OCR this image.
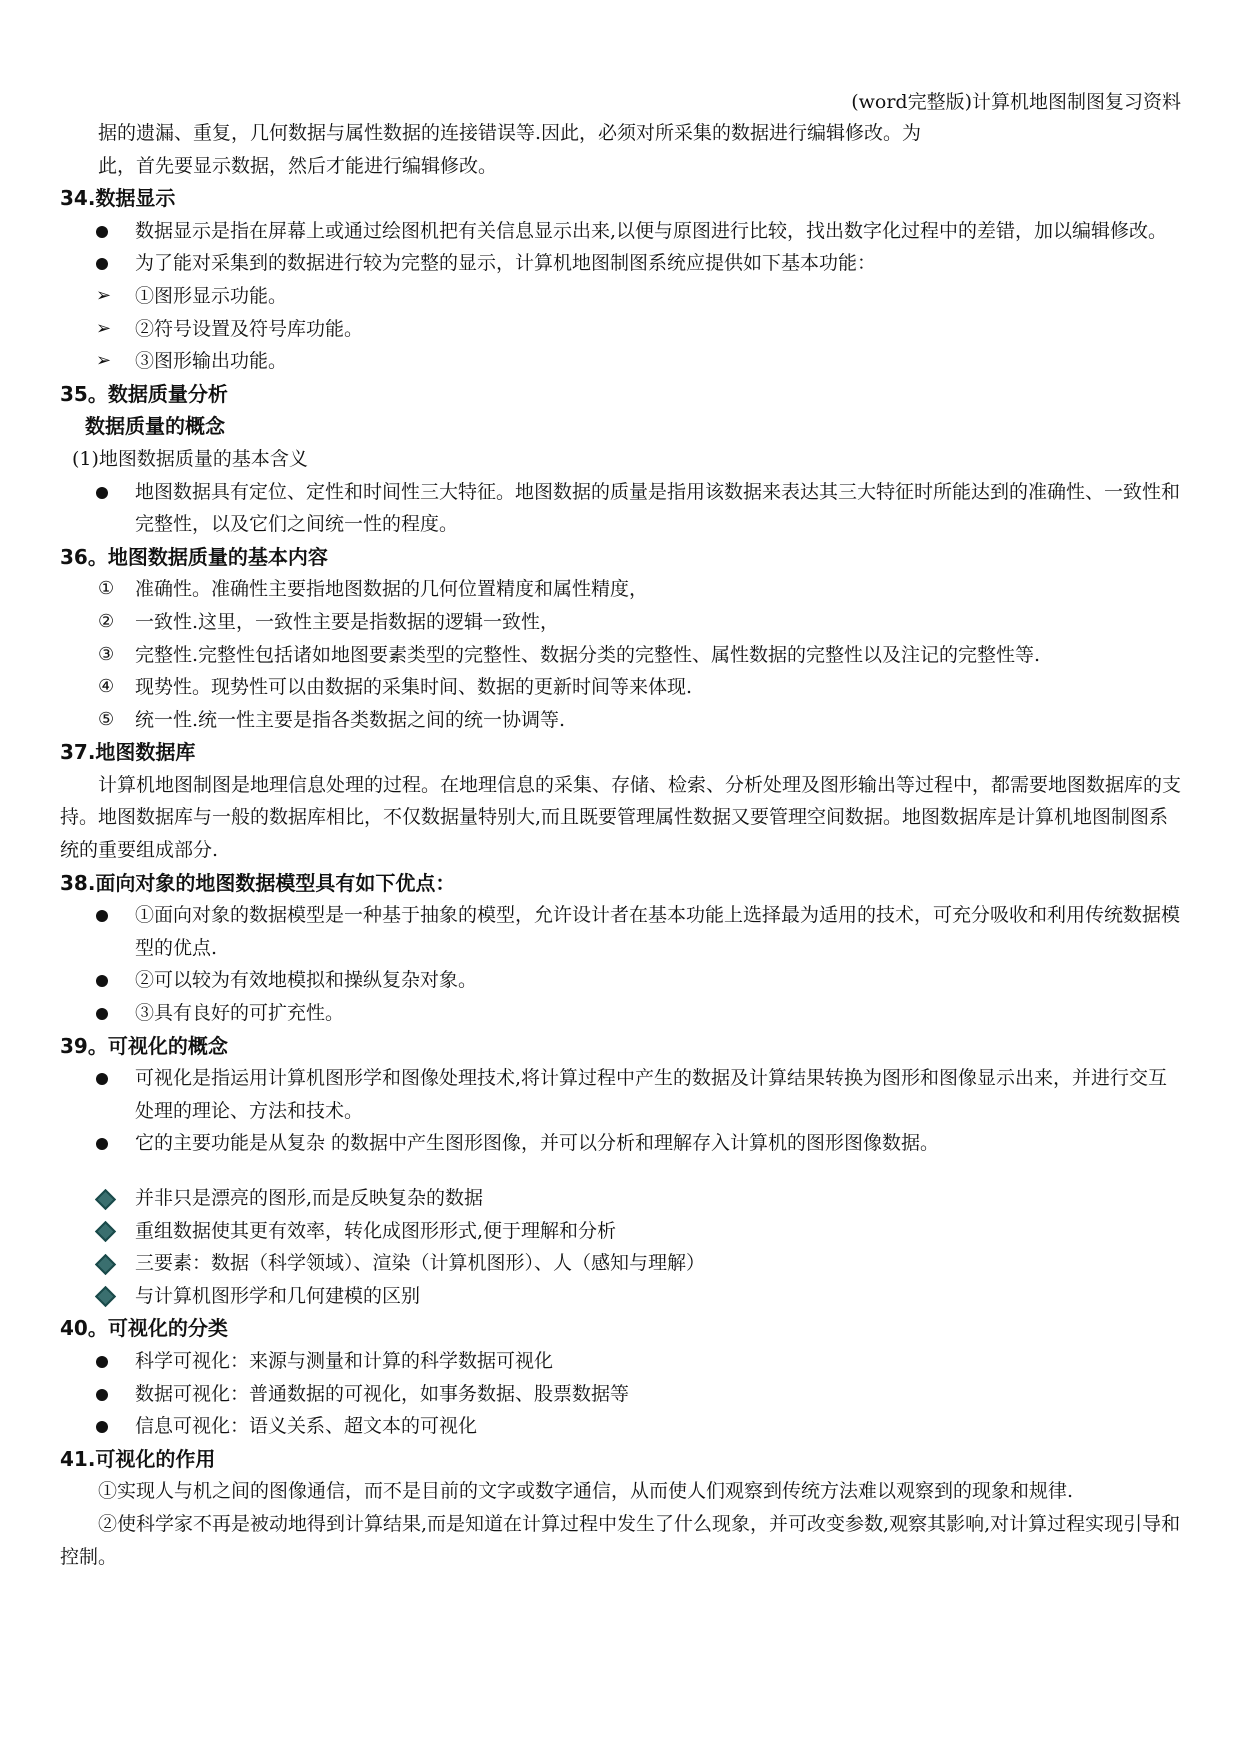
(word完整版)计算机地图制图复习资料
据的遗漏、重复，几何数据与属性数据的连接错误等.因此，必须对所采集的数据进行编辑修改。为
此，首先要显示数据，然后才能进行编辑修改。
34.数据显示
数据显示是指在屏幕上或通过绘图机把有关信息显示出来,以便与原图进行比较，找出数字化过程中的差错，加以编辑修改。
为了能对采集到的数据进行较为完整的显示，计算机地图制图系统应提供如下基本功能：
➢ ①图形显示功能。
➢ ②符号设置及符号库功能。
➢ ③图形输出功能。
35。数据质量分析
数据质量的概念
(1)地图数据质量的基本含义
地图数据具有定位、定性和时间性三大特征。地图数据的质量是指用该数据来表达其三大特征时所能达到的准确性、一致性和完整性，以及它们之间统一性的程度。
36。地图数据质量的基本内容
① 准确性。准确性主要指地图数据的几何位置精度和属性精度，
② 一致性.这里，一致性主要是指数据的逻辑一致性，
③ 完整性.完整性包括诸如地图要素类型的完整性、数据分类的完整性、属性数据的完整性以及注记的完整性等.
④ 现势性。现势性可以由数据的采集时间、数据的更新时间等来体现.
⑤ 统一性.统一性主要是指各类数据之间的统一协调等.
37.地图数据库
计算机地图制图是地理信息处理的过程。在地理信息的采集、存储、检索、分析处理及图形输出等过程中，都需要地图数据库的支持。地图数据库与一般的数据库相比，不仅数据量特别大,而且既要管理属性数据又要管理空间数据。地图数据库是计算机地图制图系统的重要组成部分.
38.面向对象的地图数据模型具有如下优点：
①面向对象的数据模型是一种基于抽象的模型，允许设计者在基本功能上选择最为适用的技术，可充分吸收和利用传统数据模型的优点.
②可以较为有效地模拟和操纵复杂对象。
③具有良好的可扩充性。
39。可视化的概念
可视化是指运用计算机图形学和图像处理技术,将计算过程中产生的数据及计算结果转换为图形和图像显示出来，并进行交互处理的理论、方法和技术。
它的主要功能是从复杂 的数据中产生图形图像，并可以分析和理解存入计算机的图形图像数据。
并非只是漂亮的图形,而是反映复杂的数据
重组数据使其更有效率，转化成图形形式,便于理解和分析
三要素：数据（科学领域）、渲染（计算机图形）、人（感知与理解）
与计算机图形学和几何建模的区别
40。可视化的分类
科学可视化：来源与测量和计算的科学数据可视化
数据可视化：普通数据的可视化，如事务数据、股票数据等
信息可视化：语义关系、超文本的可视化
41.可视化的作用
①实现人与机之间的图像通信，而不是目前的文字或数字通信，从而使人们观察到传统方法难以观察到的现象和规律.
②使科学家不再是被动地得到计算结果,而是知道在计算过程中发生了什么现象，并可改变参数,观察其影响,对计算过程实现引导和控制。
